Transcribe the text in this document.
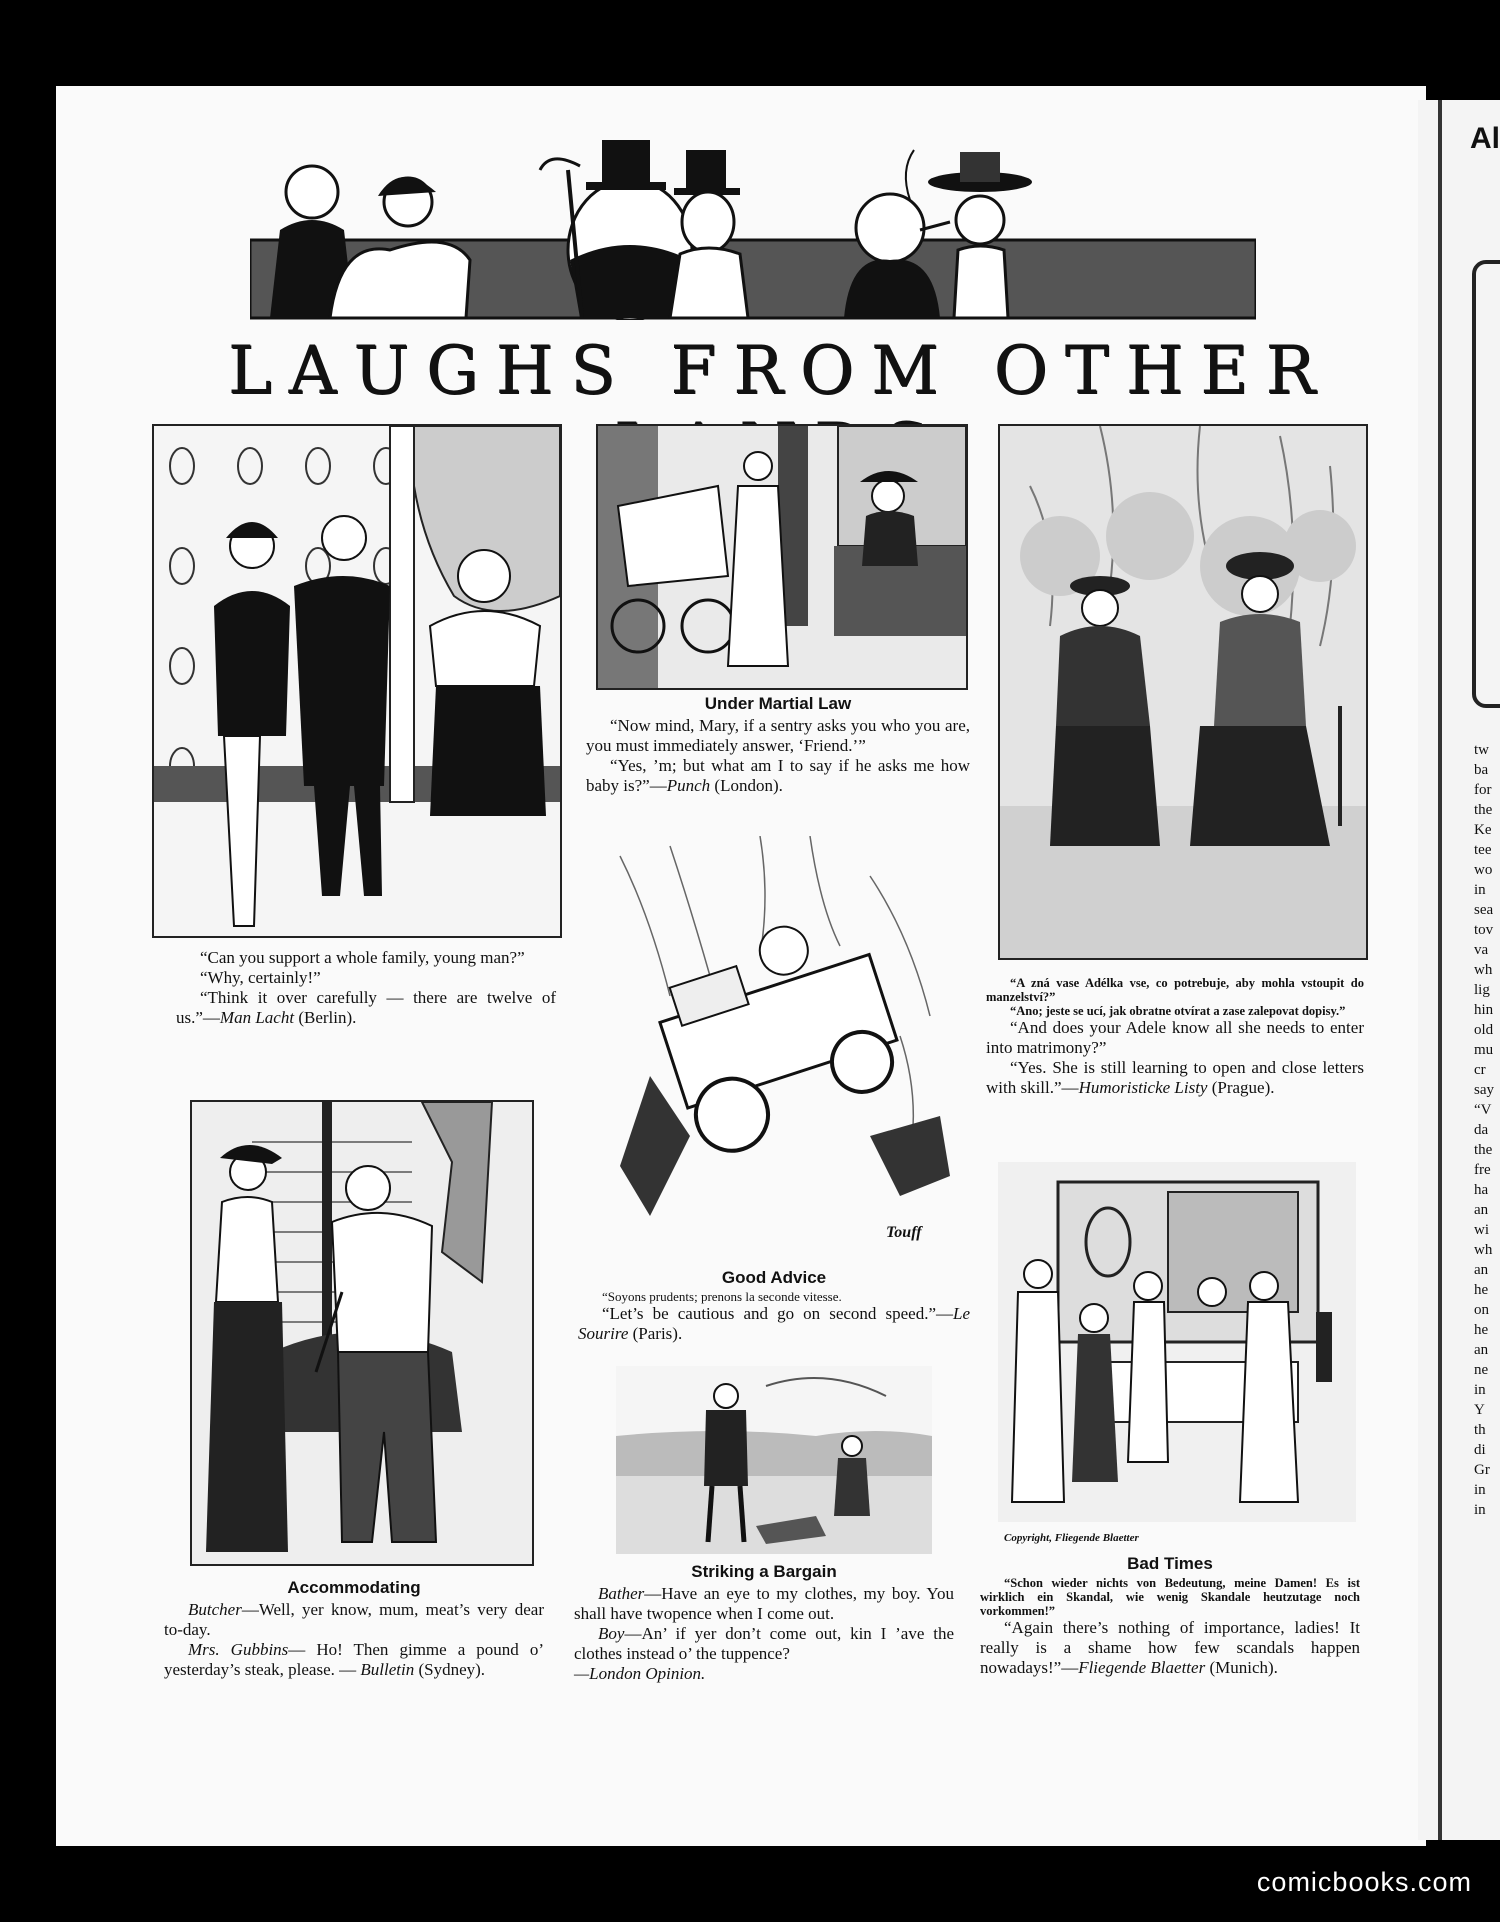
Al
tw
ba
for
the
Ke
tee
wo
in
sea
tov
va
wh
lig
hin
old
mu
cr
say
“V
da
the
fre
ha
an
wi
wh
an
he
on
he
an
ne
in
Y
th
di
Gr
in
in
LAUGHS FROM OTHER

“Can you support a whole family, young man?”

“Why, certainly!”

“Think it over carefully — there are twelve of us.”—Man Lacht (Berlin).

Accommodating

Butcher—Well, yer know, mum, meat’s very dear to-day.

Mrs. Gubbins— Ho! Then gimme a pound o’ yesterday’s steak, please. — Bulletin (Sydney).

Under Martial Law

“Now mind, Mary, if a sentry asks you who you are, you must immediately answer, ‘Friend.’”

“Yes, ’m; but what am I to say if he asks me how baby is?”—Punch (London).

Touff
Good Advice

“Soyons prudents; prenons la seconde vitesse.

“Let’s be cautious and go on second speed.”—Le Sourire (Paris).

Striking a Bargain

Bather—Have an eye to my clothes, my boy. You shall have twopence when I come out.

Boy—An’ if yer don’t come out, kin I ’ave the clothes instead o’ the tuppence?

—London Opinion.

“A zná vase Adélka vse, co potrebuje, aby mohla vstoupit do manzelství?”

“Ano; jeste se ucí, jak obratne otvírat a zase zalepovat dopisy.”

“And does your Adele know all she needs to enter into matrimony?”

“Yes. She is still learning to open and close letters with skill.”—Humoristicke Listy (Prague).

Copyright, Fliegende Blaetter
Bad Times

“Schon wieder nichts von Bedeutung, meine Damen! Es ist wirklich ein Skandal, wie wenig Skandale heutzutage noch vorkommen!”

“Again there’s nothing of importance, ladies! It really is a shame how few scandals happen nowadays!”—Fliegende Blaetter (Munich).

comicbooks.com
